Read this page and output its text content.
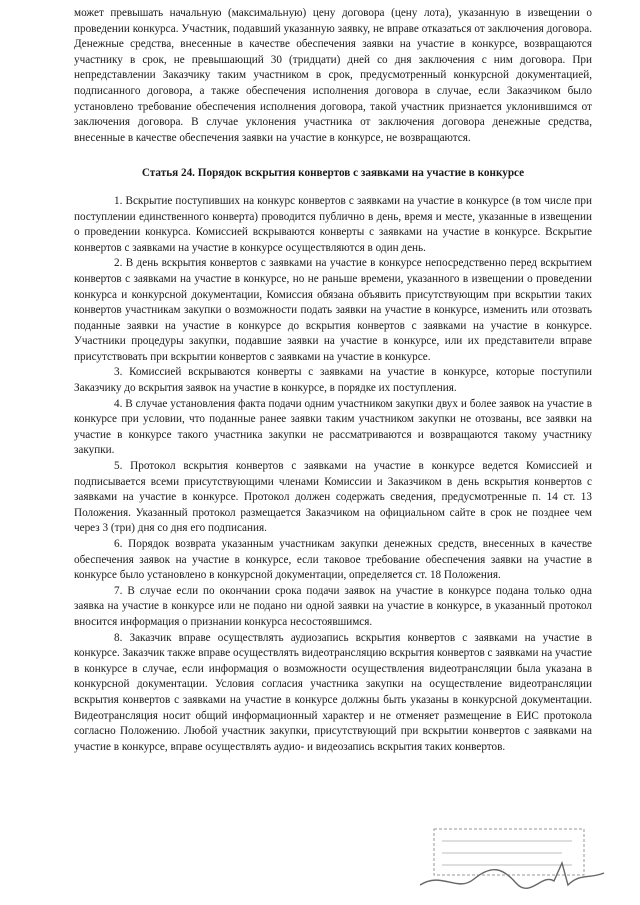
может превышать начальную (максимальную) цену договора (цену лота), указанную в извещении о проведении конкурса. Участник, подавший указанную заявку, не вправе отказаться от заключения договора. Денежные средства, внесенные в качестве обеспечения заявки на участие в конкурсе, возвращаются участнику в срок, не превышающий 30 (тридцати) дней со дня заключения с ним договора. При непредставлении Заказчику таким участником в срок, предусмотренный конкурсной документацией, подписанного договора, а также обеспечения исполнения договора в случае, если Заказчиком было установлено требование обеспечения исполнения договора, такой участник признается уклонившимся от заключения договора. В случае уклонения участника от заключения договора денежные средства, внесенные в качестве обеспечения заявки на участие в конкурсе, не возвращаются.

Статья 24. Порядок вскрытия конвертов с заявками на участие в конкурсе

1. Вскрытие поступивших на конкурс конвертов с заявками на участие в конкурсе (в том числе при поступлении единственного конверта) проводится публично в день, время и месте, указанные в извещении о проведении конкурса. Комиссией вскрываются конверты с заявками на участие в конкурсе. Вскрытие конвертов с заявками на участие в конкурсе осуществляются в один день.

2. В день вскрытия конвертов с заявками на участие в конкурсе непосредственно перед вскрытием конвертов с заявками на участие в конкурсе, но не раньше времени, указанного в извещении о проведении конкурса и конкурсной документации, Комиссия обязана объявить присутствующим при вскрытии таких конвертов участникам закупки о возможности подать заявки на участие в конкурсе, изменить или отозвать поданные заявки на участие в конкурсе до вскрытия конвертов с заявками на участие в конкурсе. Участники процедуры закупки, подавшие заявки на участие в конкурсе, или их представители вправе присутствовать при вскрытии конвертов с заявками на участие в конкурсе.

3. Комиссией вскрываются конверты с заявками на участие в конкурсе, которые поступили Заказчику до вскрытия заявок на участие в конкурсе, в порядке их поступления.

4. В случае установления факта подачи одним участником закупки двух и более заявок на участие в конкурсе при условии, что поданные ранее заявки таким участником закупки не отозваны, все заявки на участие в конкурсе такого участника закупки не рассматриваются и возвращаются такому участнику закупки.

5. Протокол вскрытия конвертов с заявками на участие в конкурсе ведется Комиссией и подписывается всеми присутствующими членами Комиссии и Заказчиком в день вскрытия конвертов с заявками на участие в конкурсе. Протокол должен содержать сведения, предусмотренные п. 14 ст. 13 Положения. Указанный протокол размещается Заказчиком на официальном сайте в срок не позднее чем через 3 (три) дня со дня его подписания.

6. Порядок возврата указанным участникам закупки денежных средств, внесенных в качестве обеспечения заявок на участие в конкурсе, если таковое требование обеспечения заявки на участие в конкурсе было установлено в конкурсной документации, определяется ст. 18 Положения.

7. В случае если по окончании срока подачи заявок на участие в конкурсе подана только одна заявка на участие в конкурсе или не подано ни одной заявки на участие в конкурсе, в указанный протокол вносится информация о признании конкурса несостоявшимся.

8. Заказчик вправе осуществлять аудиозапись вскрытия конвертов с заявками на участие в конкурсе. Заказчик также вправе осуществлять видеотрансляцию вскрытия конвертов с заявками на участие в конкурсе в случае, если информация о возможности осуществления видеотрансляции была указана в конкурсной документации. Условия согласия участника закупки на осуществление видеотрансляции вскрытия конвертов с заявками на участие в конкурсе должны быть указаны в конкурсной документации. Видеотрансляция носит общий информационный характер и не отменяет размещение в ЕИС протокола согласно Положению. Любой участник закупки, присутствующий при вскрытии конвертов с заявками на участие в конкурсе, вправе осуществлять аудио- и видеозапись вскрытия таких конвертов.
